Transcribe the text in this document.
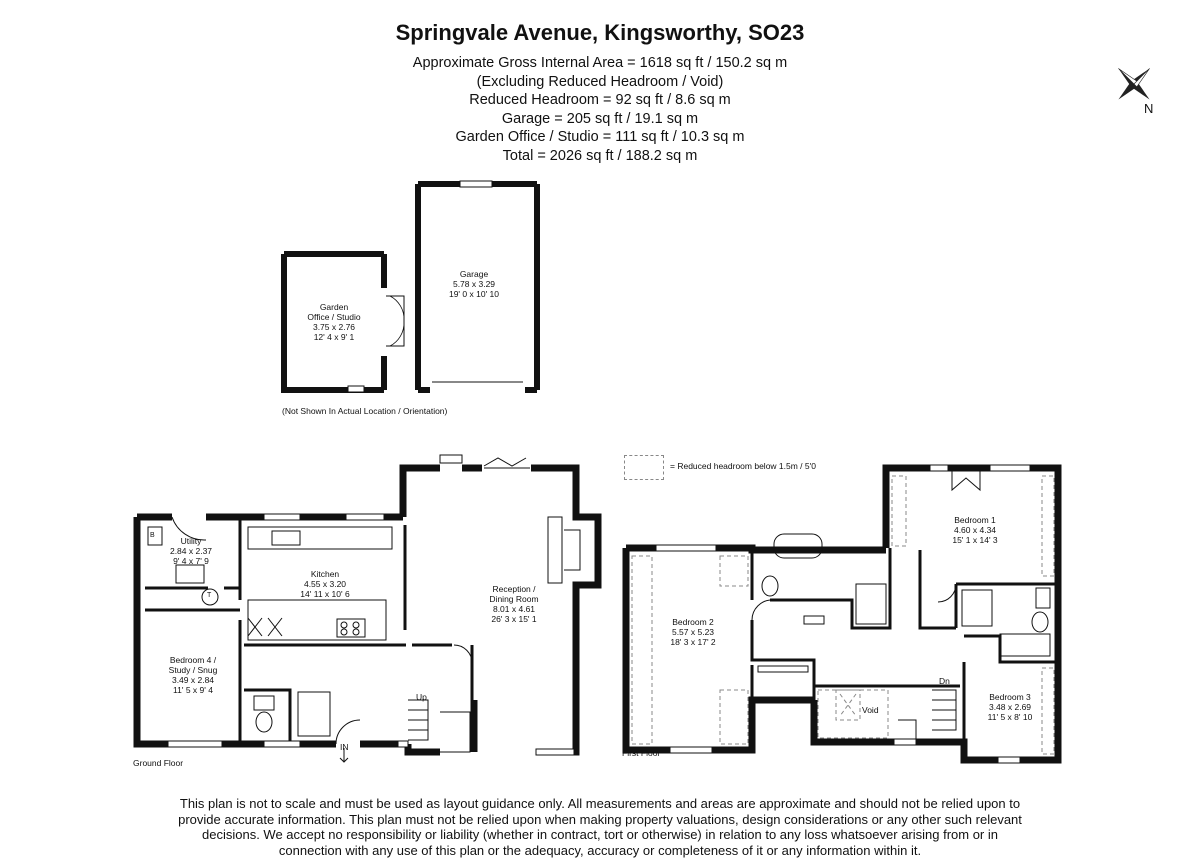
Springvale Avenue, Kingsworthy, SO23
Approximate Gross Internal Area = 1618 sq ft / 150.2 sq m
(Excluding Reduced Headroom / Void)
Reduced Headroom = 92 sq ft / 8.6 sq m
Garage = 205 sq ft / 19.1 sq m
Garden Office / Studio = 111 sq ft / 10.3 sq m
Total = 2026 sq ft / 188.2 sq m
N
Garden
Office / Studio
3.75 x 2.76
12' 4 x 9' 1
Garage
5.78 x 3.29
19' 0 x 10' 10
(Not Shown In Actual Location / Orientation)
Utility
2.84 x 2.37
9' 4 x 7' 9
Kitchen
4.55 x 3.20
14' 11 x 10' 6	Reception /
Dining Room
8.01 x 4.61
26' 3 x 15' 1
Bedroom 4 /
Study / Snug
3.49 x 2.84
11' 5 x 9' 4
B
T
Up
IN
Ground Floor
= Reduced headroom below 1.5m / 5'0
Bedroom 1
4.60 x 4.34
15' 1 x 14' 3
Bedroom 2
5.57 x 5.23
18' 3 x 17' 2
Bedroom 3
3.48 x 2.69
11' 5 x 8' 10
Void
Dn
First Floor
This plan is not to scale and must be used as layout guidance only. All measurements and areas are approximate and should not be relied upon to
provide accurate information. This plan must not be relied upon when making property valuations, design considerations or any other such relevant
decisions. We accept no responsibility or liability (whether in contract, tort or otherwise) in relation to any loss whatsoever arising from or in
connection with any use of this plan or the adequacy, accuracy or completeness of it or any information within it.
